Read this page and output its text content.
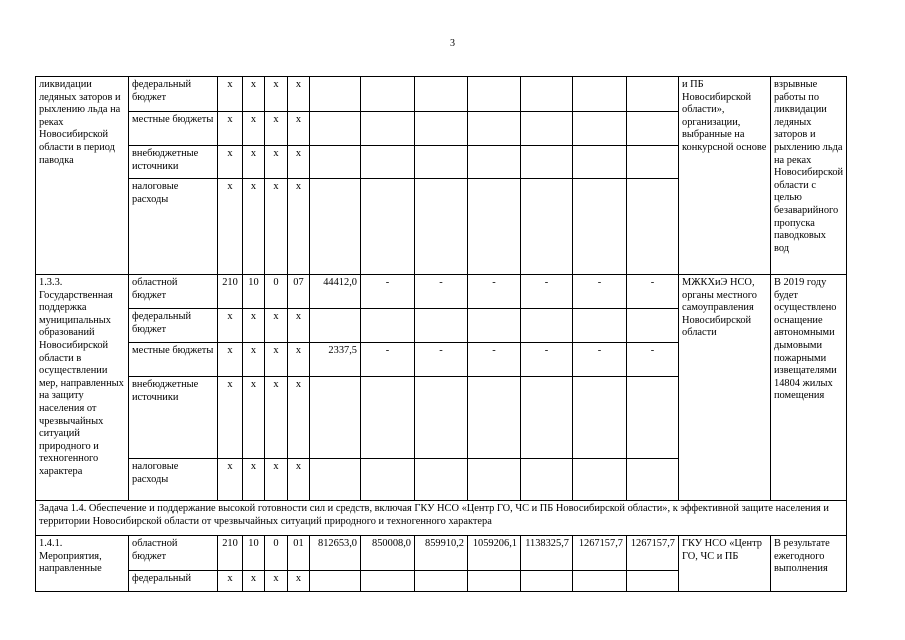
3
ликвидации ледяных заторов и рыхлению льда на реках Новосибирской области в период паводка	федеральный бюджет	x	x	x	x								и ПБ Новосибирской области», организации, выбранные на конкурсной основе	взрывные работы по ликвидации ледяных заторов и рыхлению льда на реках Новосибирской области с целью безаварийного пропуска паводковых вод
	местные бюджеты	x	x	x	x									
	внебюджетные источники	x	x	x	x									
	налоговые расходы	x	x	x	x									
1.3.3. Государственная поддержка муниципальных образований Новосибирской области в осуществлении мер, направленных на защиту населения от чрезвычайных ситуаций природного и техногенного характера	областной бюджет	210	10	0	07	44412,0	-	-	-	-	-	-	МЖКХиЭ НСО, органы местного самоуправления Новосибирской области	В 2019 году будет осуществлено оснащение автономными дымовыми пожарными извещателями 14804 жилых помещения
	федеральный бюджет	x	x	x	x									
	местные бюджеты	x	x	x	x	2337,5	-	-	-	-	-	-		
	внебюджетные источники	x	x	x	x									
	налоговые расходы	x	x	x	x									
Задача 1.4. Обеспечение и поддержание высокой готовности сил и средств, включая ГКУ НСО «Центр ГО, ЧС и ПБ Новосибирской области», к эффективной защите населения и территории Новосибирской области от чрезвычайных ситуаций природного и техногенного характера														
1.4.1. Мероприятия, направленные	областной бюджет	210	10	0	01	812653,0	850008,0	859910,2	1059206,1	1138325,7	1267157,7	1267157,7	ГКУ НСО «Центр ГО, ЧС и ПБ	В результате ежегодного выполнения
	федеральный	x	x	x	x									
